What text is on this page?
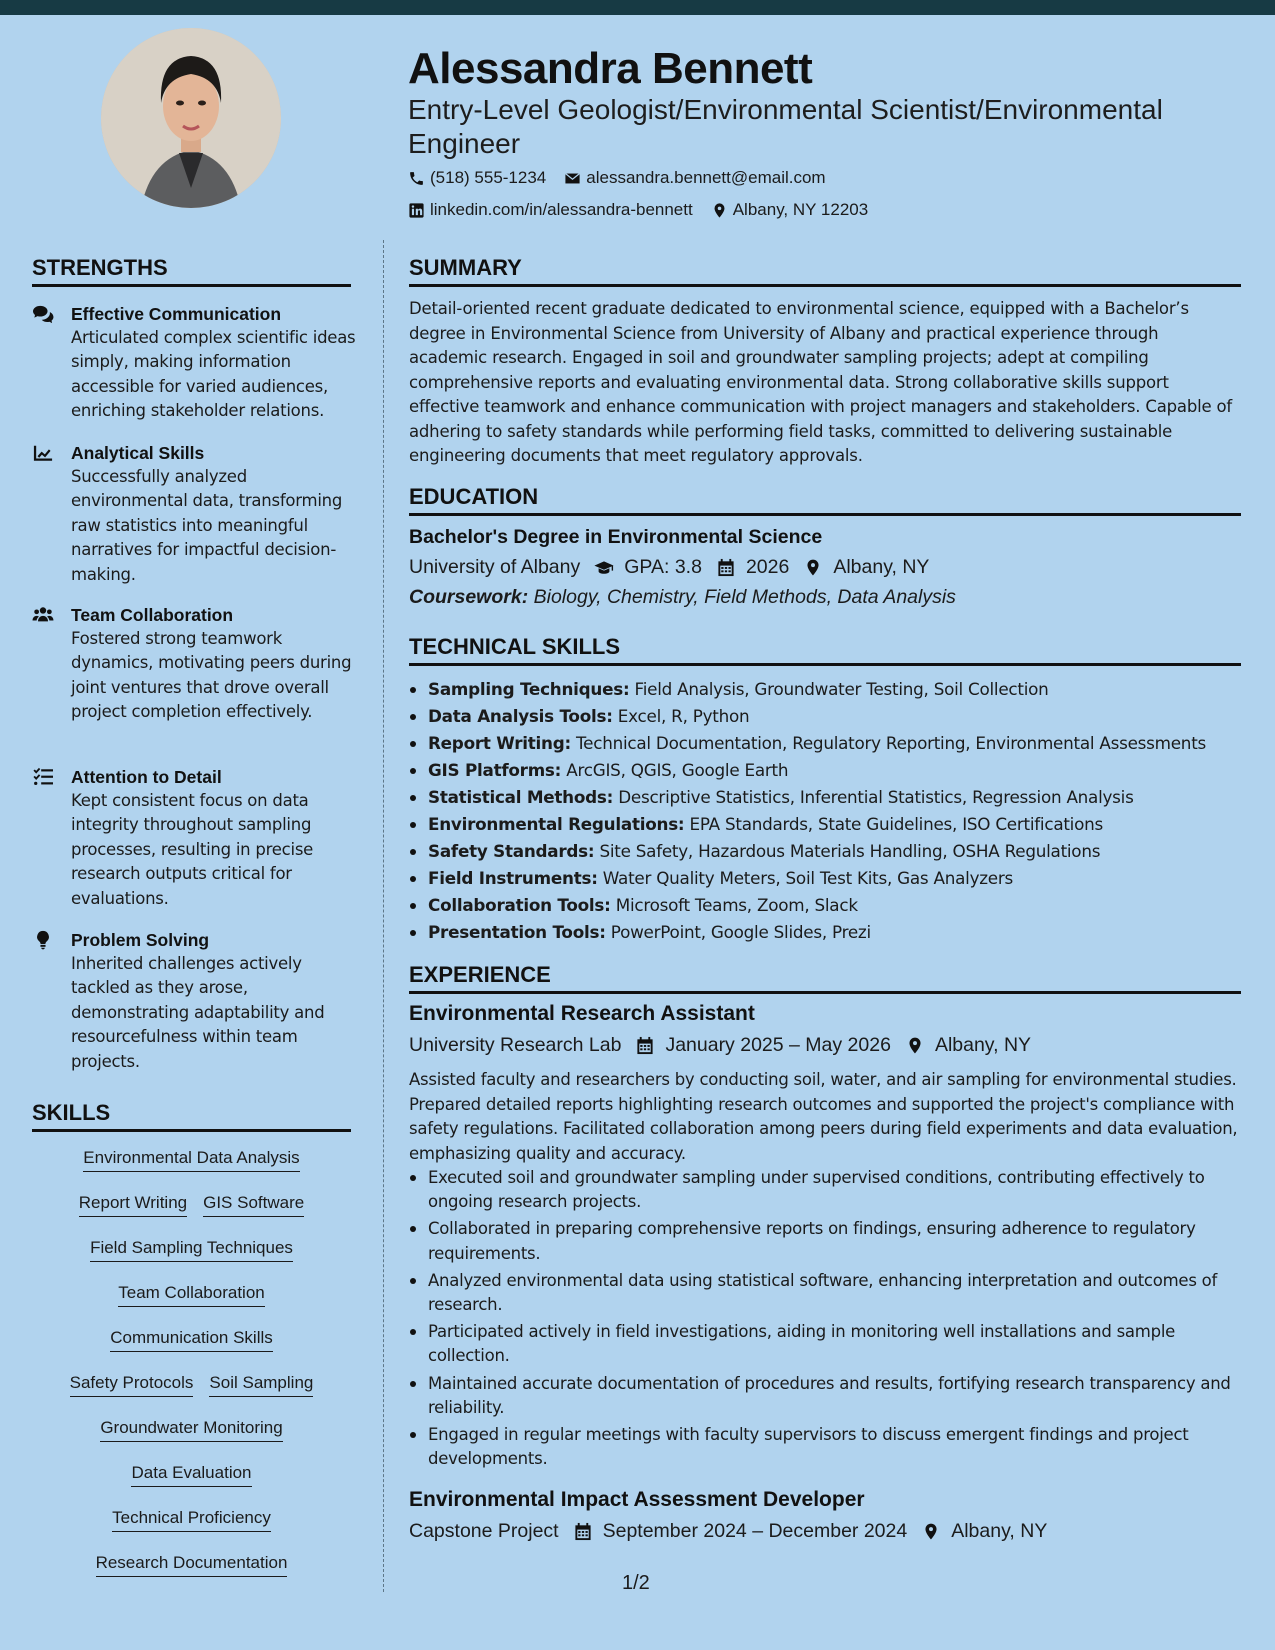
Alessandra Bennett
Entry-Level Geologist/Environmental Scientist/Environmental Engineer
(518) 555-1234 alessandra.bennett@email.com
linkedin.com/in/alessandra-bennett Albany, NY 12203
STRENGTHS
Effective Communication
Articulated complex scientific ideas simply, making information accessible for varied audiences, enriching stakeholder relations.
Analytical Skills
Successfully analyzed environmental data, transforming raw statistics into meaningful narratives for impactful decision-making.
Team Collaboration
Fostered strong teamwork dynamics, motivating peers during joint ventures that drove overall project completion effectively.
Attention to Detail
Kept consistent focus on data integrity throughout sampling processes, resulting in precise research outputs critical for evaluations.
Problem Solving
Inherited challenges actively tackled as they arose, demonstrating adaptability and resourcefulness within team projects.
SKILLS
Environmental Data Analysis
Report Writing GIS Software
Field Sampling Techniques
Team Collaboration
Communication Skills
Safety Protocols Soil Sampling
Groundwater Monitoring
Data Evaluation
Technical Proficiency
Research Documentation
SUMMARY
Detail-oriented recent graduate dedicated to environmental science, equipped with a Bachelor’s degree in Environmental Science from University of Albany and practical experience through academic research. Engaged in soil and groundwater sampling projects; adept at compiling comprehensive reports and evaluating environmental data. Strong collaborative skills support effective teamwork and enhance communication with project managers and stakeholders. Capable of adhering to safety standards while performing field tasks, committed to delivering sustainable engineering documents that meet regulatory approvals.
EDUCATION
Bachelor's Degree in Environmental Science
University of Albany GPA: 3.8 2026 Albany, NY
Coursework: Biology, Chemistry, Field Methods, Data Analysis
TECHNICAL SKILLS
Sampling Techniques: Field Analysis, Groundwater Testing, Soil Collection
Data Analysis Tools: Excel, R, Python
Report Writing: Technical Documentation, Regulatory Reporting, Environmental Assessments
GIS Platforms: ArcGIS, QGIS, Google Earth
Statistical Methods: Descriptive Statistics, Inferential Statistics, Regression Analysis
Environmental Regulations: EPA Standards, State Guidelines, ISO Certifications
Safety Standards: Site Safety, Hazardous Materials Handling, OSHA Regulations
Field Instruments: Water Quality Meters, Soil Test Kits, Gas Analyzers
Collaboration Tools: Microsoft Teams, Zoom, Slack
Presentation Tools: PowerPoint, Google Slides, Prezi
EXPERIENCE
Environmental Research Assistant
University Research Lab January 2025 – May 2026 Albany, NY
Assisted faculty and researchers by conducting soil, water, and air sampling for environmental studies. Prepared detailed reports highlighting research outcomes and supported the project's compliance with safety regulations. Facilitated collaboration among peers during field experiments and data evaluation, emphasizing quality and accuracy.
Executed soil and groundwater sampling under supervised conditions, contributing effectively to ongoing research projects.
Collaborated in preparing comprehensive reports on findings, ensuring adherence to regulatory requirements.
Analyzed environmental data using statistical software, enhancing interpretation and outcomes of research.
Participated actively in field investigations, aiding in monitoring well installations and sample collection.
Maintained accurate documentation of procedures and results, fortifying research transparency and reliability.
Engaged in regular meetings with faculty supervisors to discuss emergent findings and project developments.
Environmental Impact Assessment Developer
Capstone Project September 2024 – December 2024 Albany, NY
1/2
